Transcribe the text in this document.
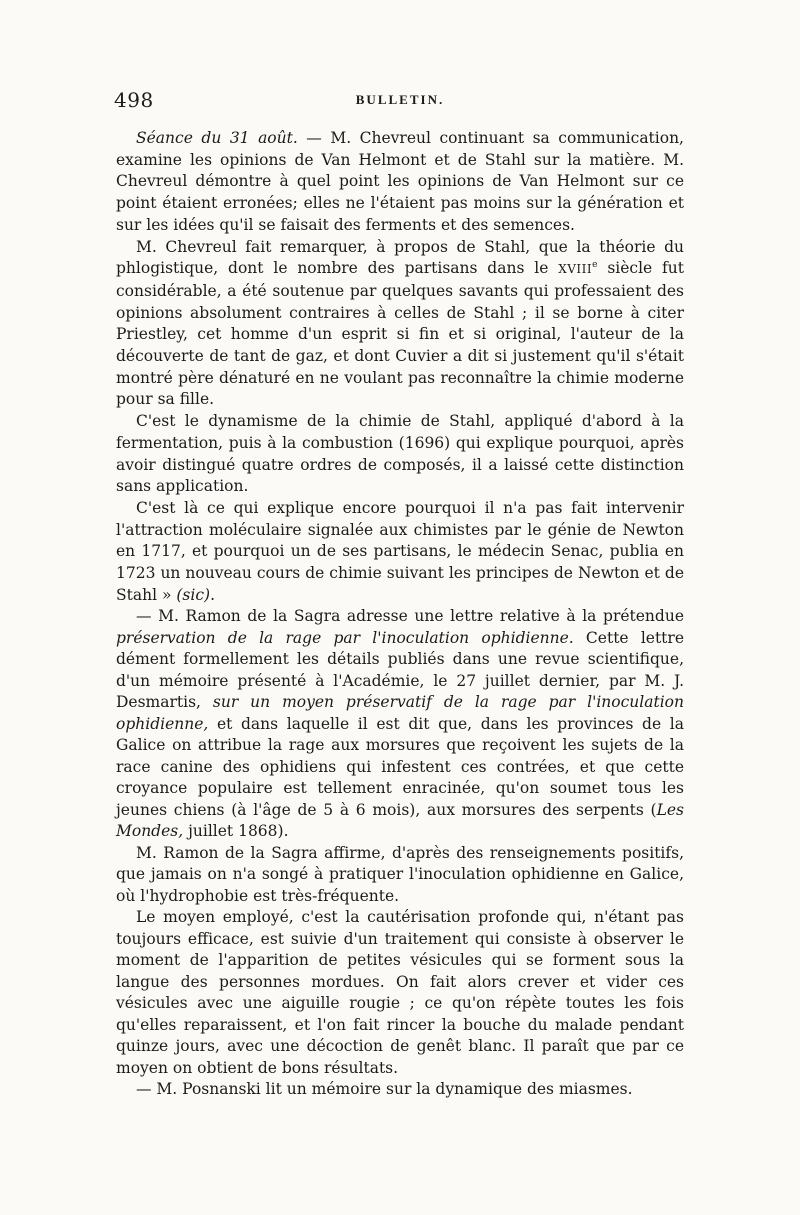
498	BULLETIN.

Séance du 31 août. — M. Chevreul continuant sa communication, examine les opinions de Van Helmont et de Stahl sur la matière. M. Chevreul démontre à quel point les opinions de Van Helmont sur ce point étaient erronées; elles ne l'étaient pas moins sur la génération et sur les idées qu'il se faisait des ferments et des semences.

M. Chevreul fait remarquer, à propos de Stahl, que la théorie du phlogistique, dont le nombre des partisans dans le XVIIIe siècle fut considérable, a été soutenue par quelques savants qui professaient des opinions absolument contraires à celles de Stahl ; il se borne à citer Priestley, cet homme d'un esprit si fin et si original, l'auteur de la découverte de tant de gaz, et dont Cuvier a dit si justement qu'il s'était montré père dénaturé en ne voulant pas reconnaître la chimie moderne pour sa fille.

C'est le dynamisme de la chimie de Stahl, appliqué d'abord à la fermentation, puis à la combustion (1696) qui explique pourquoi, après avoir distingué quatre ordres de composés, il a laissé cette distinction sans application.

C'est là ce qui explique encore pourquoi il n'a pas fait intervenir l'attraction moléculaire signalée aux chimistes par le génie de Newton en 1717, et pourquoi un de ses partisans, le médecin Senac, publia en 1723 un nouveau cours de chimie suivant les principes de Newton et de Stahl » (sic).

— M. Ramon de la Sagra adresse une lettre relative à la prétendue préservation de la rage par l'inoculation ophidienne. Cette lettre dément formellement les détails publiés dans une revue scientifique, d'un mémoire présenté à l'Académie, le 27 juillet dernier, par M. J. Desmartis, sur un moyen préservatif de la rage par l'inoculation ophidienne, et dans laquelle il est dit que, dans les provinces de la Galice on attribue la rage aux morsures que reçoivent les sujets de la race canine des ophidiens qui infestent ces contrées, et que cette croyance populaire est tellement enracinée, qu'on soumet tous les jeunes chiens (à l'âge de 5 à 6 mois), aux morsures des serpents (Les Mondes, juillet 1868).

M. Ramon de la Sagra affirme, d'après des renseignements positifs, que jamais on n'a songé à pratiquer l'inoculation ophidienne en Galice, où l'hydrophobie est très-fréquente.

Le moyen employé, c'est la cautérisation profonde qui, n'étant pas toujours efficace, est suivie d'un traitement qui consiste à observer le moment de l'apparition de petites vésicules qui se forment sous la langue des personnes mordues. On fait alors crever et vider ces vésicules avec une aiguille rougie ; ce qu'on répète toutes les fois qu'elles reparaissent, et l'on fait rincer la bouche du malade pendant quinze jours, avec une décoction de genêt blanc. Il paraît que par ce moyen on obtient de bons résultats.

— M. Posnanski lit un mémoire sur la dynamique des miasmes.
